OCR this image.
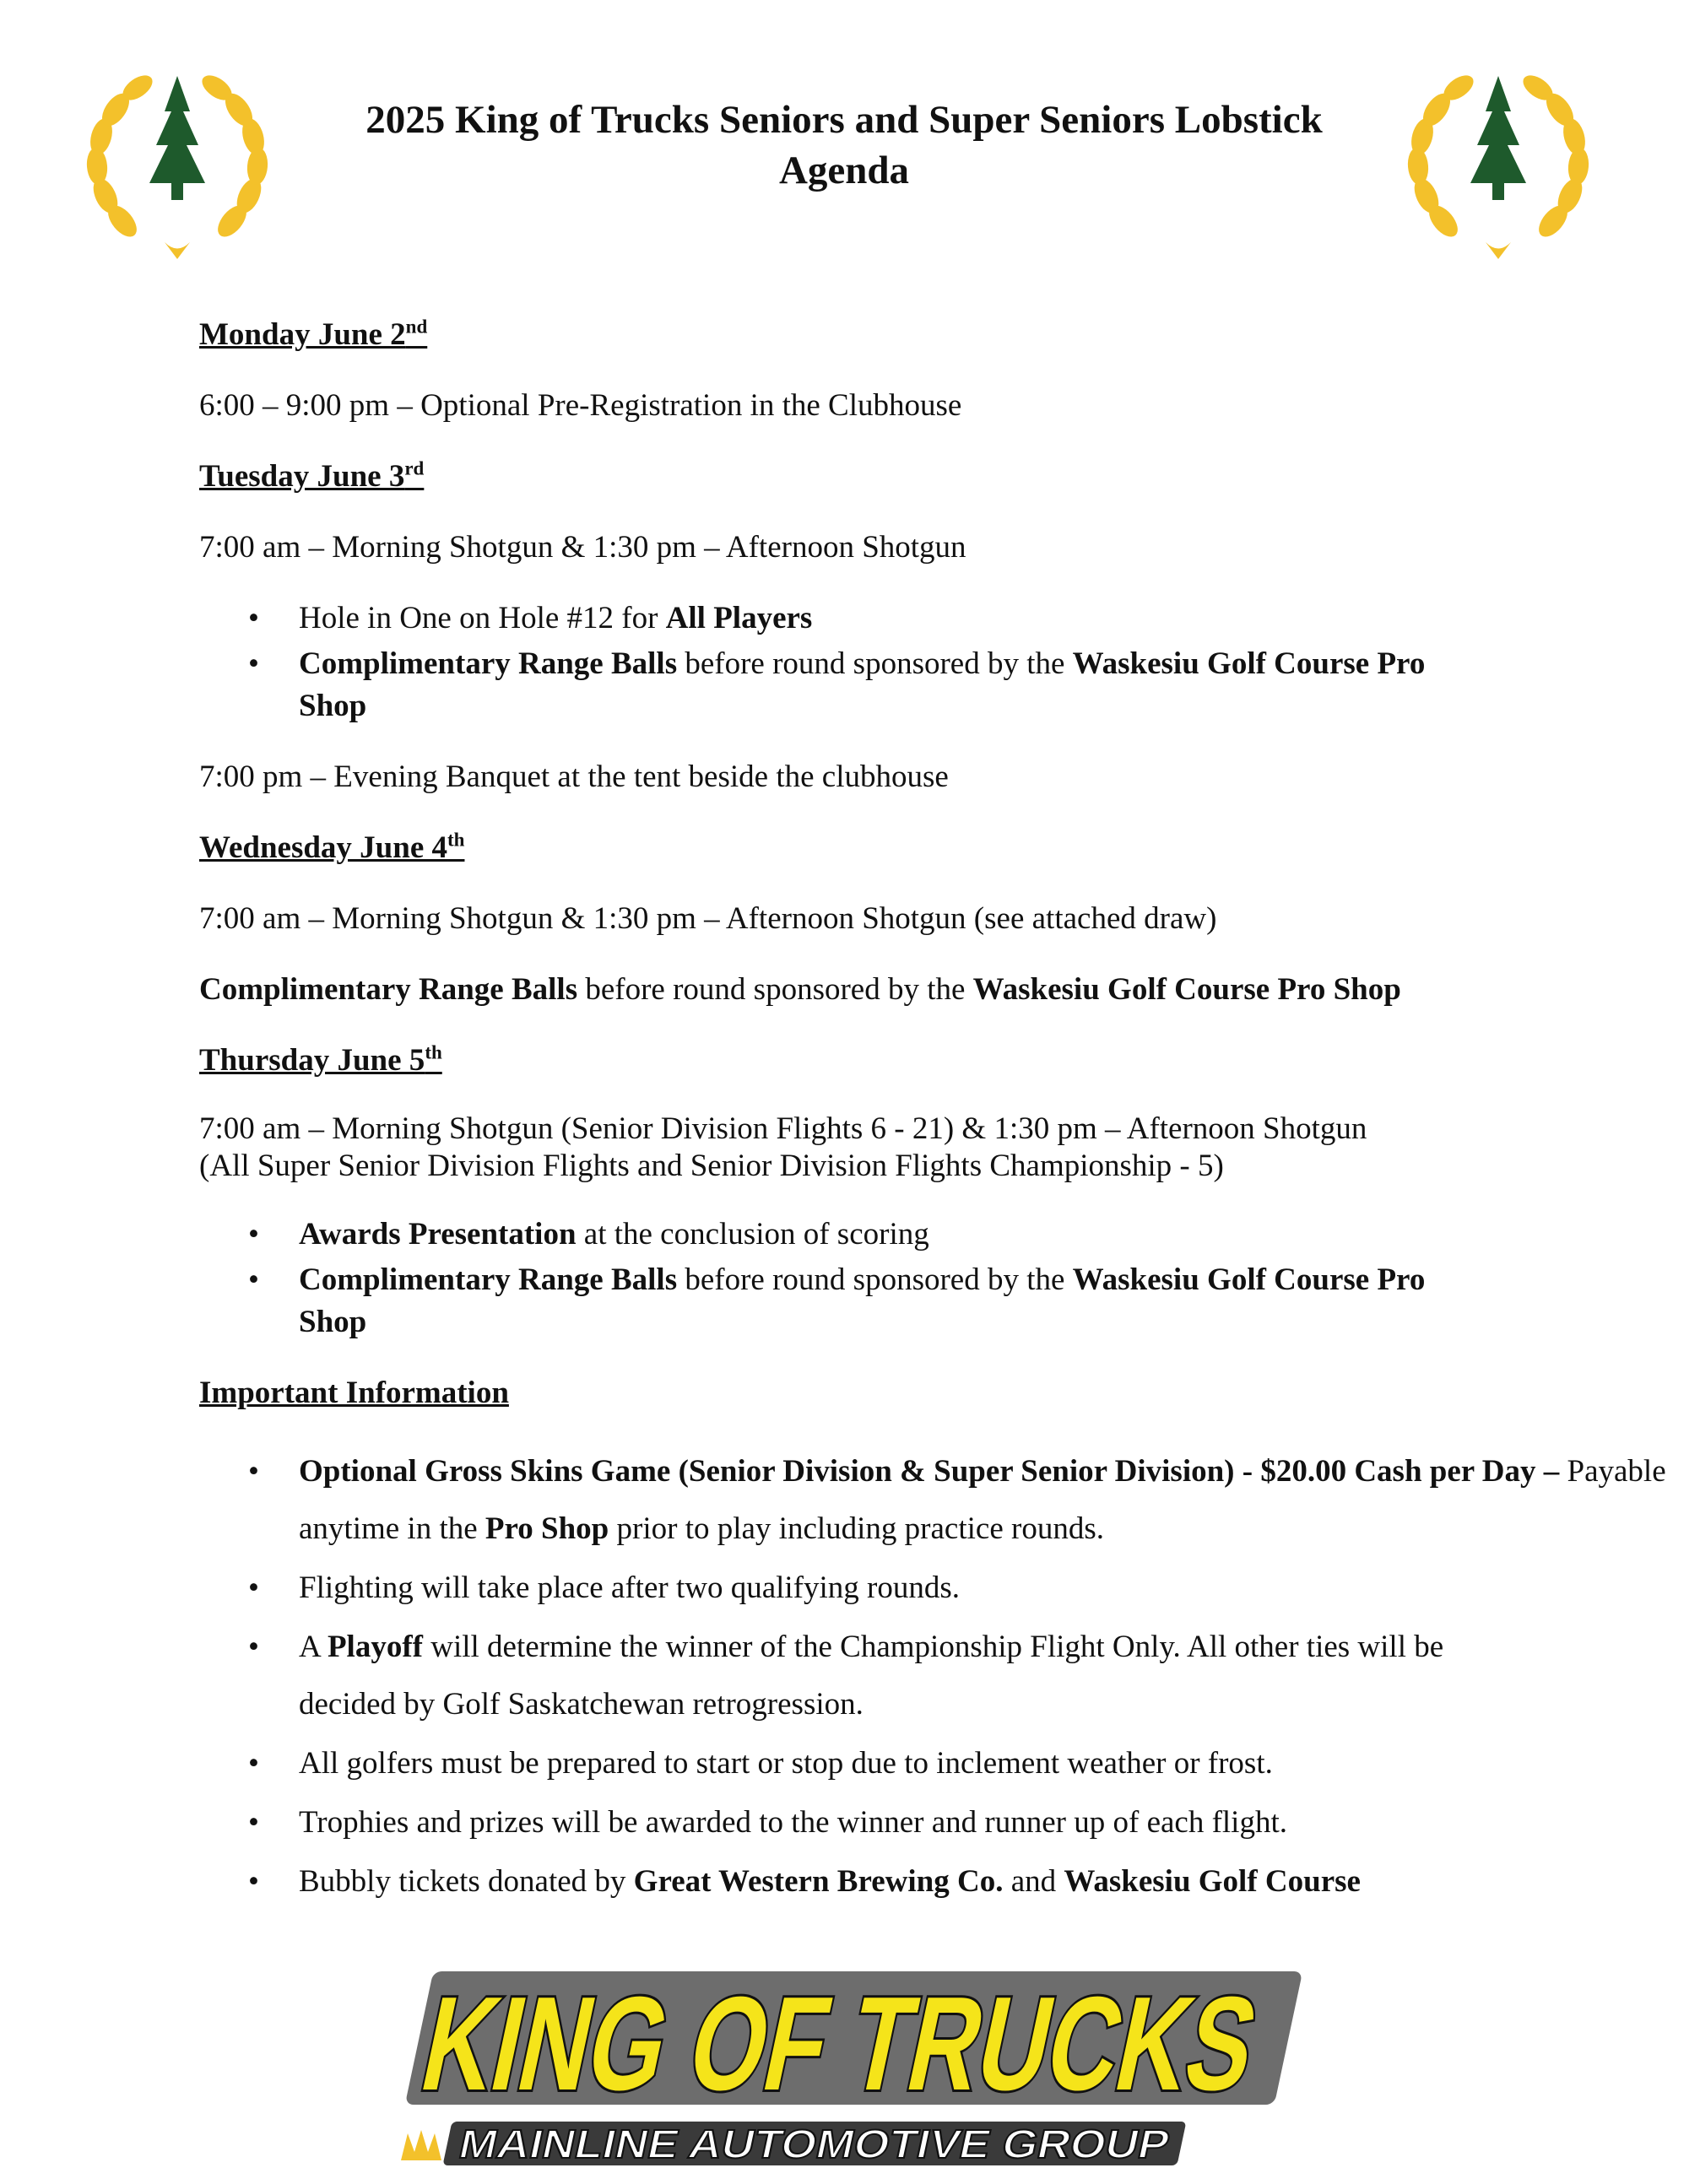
2025 King of Trucks Seniors and Super Seniors Lobstick
Agenda
Monday June 2nd
6:00 – 9:00 pm – Optional Pre-Registration in the Clubhouse
Tuesday June 3rd
7:00 am – Morning Shotgun & 1:30 pm – Afternoon Shotgun
• Hole in One on Hole #12 for All Players
• Complimentary Range Balls before round sponsored by the Waskesiu Golf Course Pro Shop
7:00 pm – Evening Banquet at the tent beside the clubhouse
Wednesday June 4th
7:00 am – Morning Shotgun & 1:30 pm – Afternoon Shotgun (see attached draw)
Complimentary Range Balls before round sponsored by the Waskesiu Golf Course Pro Shop
Thursday June 5th
7:00 am – Morning Shotgun (Senior Division Flights 6 - 21) & 1:30 pm – Afternoon Shotgun
(All Super Senior Division Flights and Senior Division Flights Championship - 5)
• Awards Presentation at the conclusion of scoring
• Complimentary Range Balls before round sponsored by the Waskesiu Golf Course Pro Shop
Important Information
• Optional Gross Skins Game (Senior Division & Super Senior Division) - $20.00 Cash per Day – Payable anytime in the Pro Shop prior to play including practice rounds.
• Flighting will take place after two qualifying rounds.
• A Playoff will determine the winner of the Championship Flight Only. All other ties will be decided by Golf Saskatchewan retrogression.
• All golfers must be prepared to start or stop due to inclement weather or frost.
• Trophies and prizes will be awarded to the winner and runner up of each flight.
• Bubbly tickets donated by Great Western Brewing Co. and Waskesiu Golf Course
KING OF TRUCKS
MAINLINE AUTOMOTIVE GROUP
